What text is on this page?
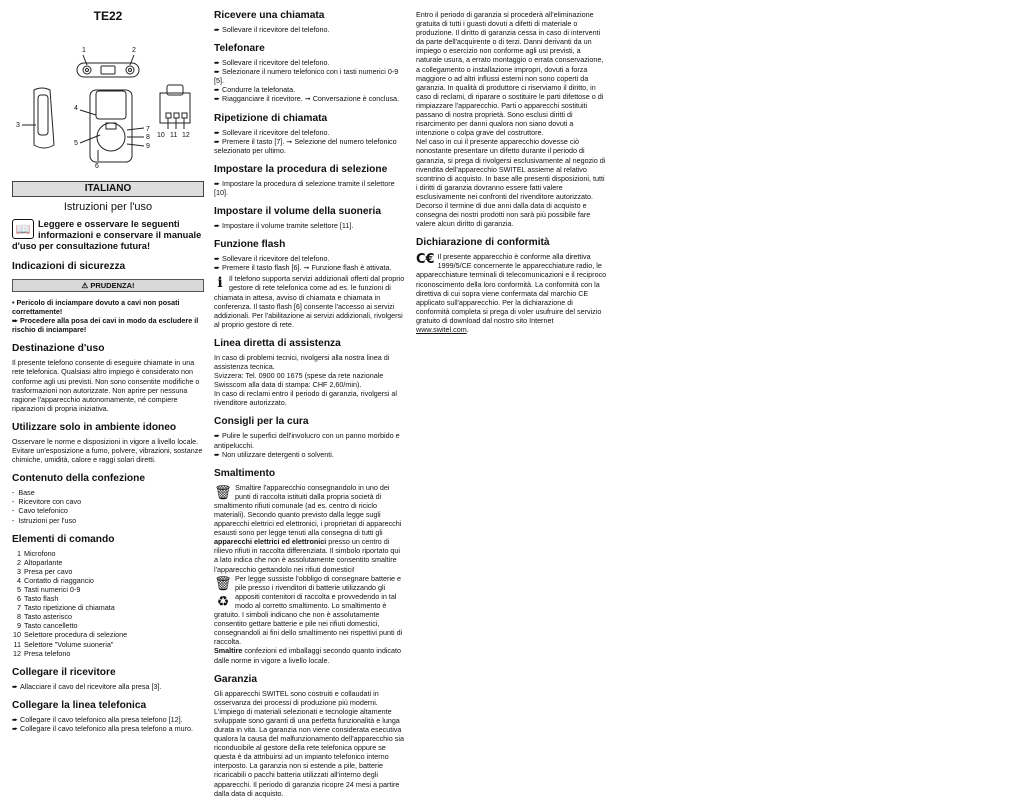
TE22
1	2
3
4
5
6
7
8
9
10 11 12
ITALIANO
Istruzioni per l'uso
📖 Leggere e osservare le seguenti informazioni e conservare il manuale d'uso per consultazione futura!
Indicazioni di sicurezza
⚠ PRUDENZA!
• Pericolo di inciampare dovuto a cavi non posati correttamente!
➨ Procedere alla posa dei cavi in modo da escludere il rischio di inciampare!
Destinazione d'uso

Il presente telefono consente di eseguire chiamate in una rete telefonica. Qualsiasi altro impiego è considerato non conforme agli usi previsti. Non sono consentite modifiche o trasformazioni non autorizzate. Non aprire per nessuna ragione l'apparecchio autonomamente, né compiere riparazioni di propria iniziativa.

Utilizzare solo in ambiente idoneo

Osservare le norme e disposizioni in vigore a livello locale. Evitare un'esposizione a fumo, polvere, vibrazioni, sostanze chimiche, umidità, calore e raggi solari diretti.

Contenuto della confezione
-  Base
-  Ricevitore con cavo
-  Cavo telefonico
-  Istruzioni per l'uso
Elementi di comando
1 Microfono
2 Altoparlante
3 Presa per cavo
4 Contatto di riaggancio
5 Tasti numerici 0-9
6 Tasto flash
7 Tasto ripetizione di chiamata
8 Tasto asterisco
9 Tasto cancelletto
10 Selettore procedura di selezione
11 Selettore "Volume suoneria"
12 Presa telefono
Collegare il ricevitore
➨ Allacciare il cavo del ricevitore alla presa [3].
Collegare la linea telefonica
➨ Collegare il cavo telefonico alla presa telefono [12].
➨ Collegare il cavo telefonico alla presa telefono a muro.
Ricevere una chiamata
➨ Sollevare il ricevitore del telefono.
Telefonare
➨ Sollevare il ricevitore del telefono.
➨ Selezionare il numero telefonico con i tasti numerici 0-9 [5].
➨ Condurre la telefonata.
➨ Riagganciare il ricevitore. ➞ Conversazione è conclusa.
Ripetizione di chiamata
➨ Sollevare il ricevitore del telefono.
➨ Premere il tasto [7]. ➞ Selezione del numero telefonico selezionato per ultimo.
Impostare la procedura di selezione
➨ Impostare la procedura di selezione tramite il selettore [10].
Impostare il volume della suoneria
➨ Impostare il volume tramite selettore [11].
Funzione flash
➨ Sollevare il ricevitore del telefono.
➨ Premere il tasto flash [6]. ➞ Funzione flash è attivata.

i Il telefono supporta servizi addizionali offerti dal proprio gestore di rete telefonica come ad es. le funzioni di chiamata in attesa, avviso di chiamata e chiamata in conferenza. Il tasto flash [6] consente l'accesso ai servizi addizionali. Per l'abilitazione ai servizi addizionali, rivolgersi al proprio gestore di rete.

Linea diretta di assistenza

In caso di problemi tecnici, rivolgersi alla nostra linea di assistenza tecnica.

Svizzera: Tel. 0900 00 1675 (spese da rete nazionale Swisscom alla data di stampa: CHF 2,60/min).

In caso di reclami entro il periodo di garanzia, rivolgersi al rivenditore autorizzato.

Consigli per la cura
➨ Pulire le superfici dell'involucro con un panno morbido e antipelucchi.
➨ Non utilizzare detergenti o solventi.
Smaltimento

🗑 Smaltire l'apparecchio consegnandolo in uno dei punti di raccolta istituiti dalla propria società di smaltimento rifiuti comunale (ad es. centro di riciclo materiali). Secondo quanto previsto dalla legge sugli apparecchi elettrici ed elettronici, i proprietari di apparecchi esausti sono per legge tenuti alla consegna di tutti gli apparecchi elettrici ed elettronici presso un centro di rilievo rifiuti in raccolta differenziata. Il simbolo riportato qui a lato indica che non è assolutamente consentito smaltire l'apparecchio gettandolo nei rifiuti domestici!

🗑
♻
Per legge sussiste l'obbligo di consegnare batterie e pile presso i rivenditori di batterie utilizzando gli appositi contenitori di raccolta e provvedendo in tal modo al corretto smaltimento. Lo smaltimento è gratuito. I simboli indicano che non è assolutamente consentito gettare batterie e pile nei rifiuti domestici, consegnandoli ai fini dello smaltimento nei rispettivi punti di raccolta.

Smaltire confezioni ed imballaggi secondo quanto indicato dalle norme in vigore a livello locale.

Garanzia

Gli apparecchi SWITEL sono costruiti e collaudati in osservanza dei processi di produzione più moderni. L'impiego di materiali selezionati e tecnologie altamente sviluppate sono garanti di una perfetta funzionalità e lunga durata in vita. La garanzia non viene considerata esecutiva qualora la causa del malfunzionamento dell'apparecchio sia riconducibile al gestore della rete telefonica oppure se questa è da attribuirsi ad un impianto telefonico interno interposto. La garanzia non si estende a pile, batterie ricaricabili o pacchi batteria utilizzati all'interno degli apparecchi. Il periodo di garanzia ricopre 24 mesi a partire dalla data di acquisto.

Entro il periodo di garanzia si procederà all'eliminazione gratuita di tutti i guasti dovuti a difetti di materiale o produzione. Il diritto di garanzia cessa in caso di interventi da parte dell'acquirente o di terzi. Danni derivanti da un impiego o esercizio non conforme agli usi previsti, a naturale usura, a errato montaggio o errata conservazione, a collegamento o installazione impropri, dovuti a forza maggiore o ad altri influssi esterni non sono coperti da garanzia. In qualità di produttore ci riserviamo il diritto, in caso di reclami, di riparare o sostituire le parti difettose o di rimpiazzare l'apparecchio. Parti o apparecchi sostituiti passano di nostra proprietà. Sono esclusi diritti di risarcimento per danni qualora non siano dovuti a intenzione o colpa grave del costruttore.

Nel caso in cui il presente apparecchio dovesse ciò nonostante presentare un difetto durante il periodo di garanzia, si prega di rivolgersi esclusivamente al negozio di rivendita dell'apparecchio SWITEL assieme al relativo scontrino di acquisto. In base alle presenti disposizioni, tutti i diritti di garanzia dovranno essere fatti valere esclusivamente nei confronti del rivenditore autorizzato. Decorso il termine di due anni dalla data di acquisto e consegna dei nostri prodotti non sarà più possibile fare valere alcun diritto di garanzia.

Dichiarazione di conformità

C€ Il presente apparecchio è conforme alla direttiva 1999/5/CE concernente le apparecchiature radio, le apparecchiature terminali di telecomunicazioni e il reciproco riconoscimento della loro conformità. La conformità con la direttiva di cui sopra viene confermata dal marchio CE applicato sull'apparecchio. Per la dichiarazione di conformità completa si prega di voler usufruire del servizio gratuito di download dal nostro sito Internet www.switel.com.
